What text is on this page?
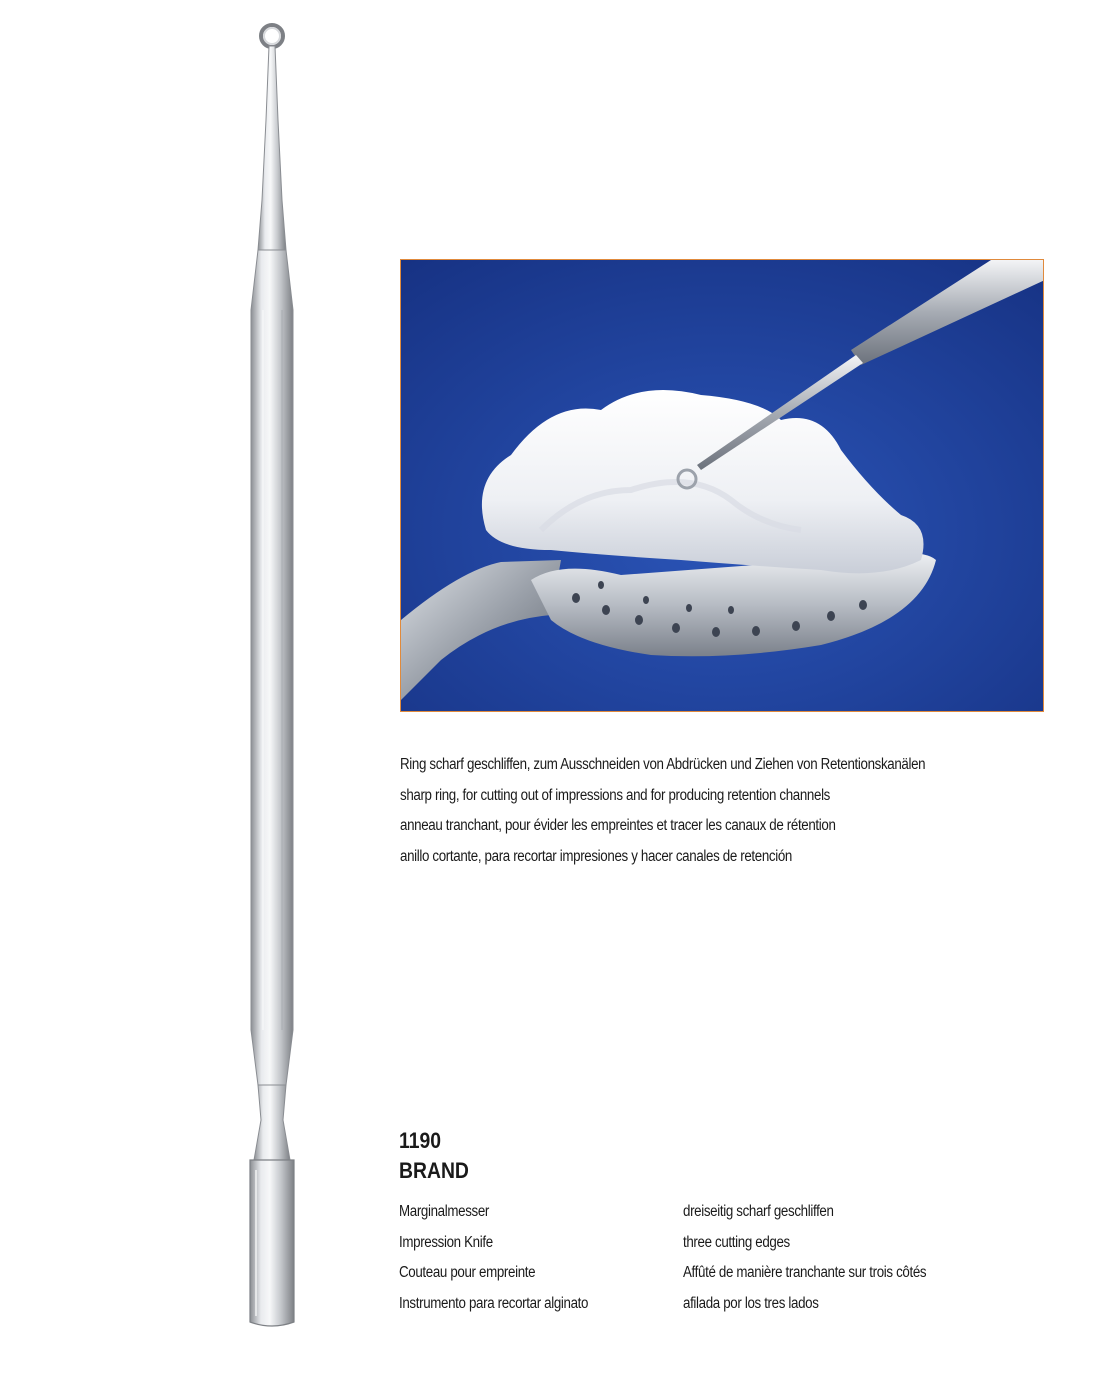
Ring scharf geschliffen, zum Ausschneiden von Abdrücken und Ziehen von Retentionskanälen
sharp ring, for cutting out of impressions and for producing retention channels
anneau tranchant, pour évider les empreintes et tracer les canaux de rétention
anillo cortante, para recortar impresiones y hacer canales de retención
1190
BRAND
Marginalmesser
Impression Knife
Couteau pour empreinte
Instrumento para recortar alginato
dreiseitig scharf geschliffen
three cutting edges
Affûté de manière tranchante sur trois côtés
afilada por los tres lados
